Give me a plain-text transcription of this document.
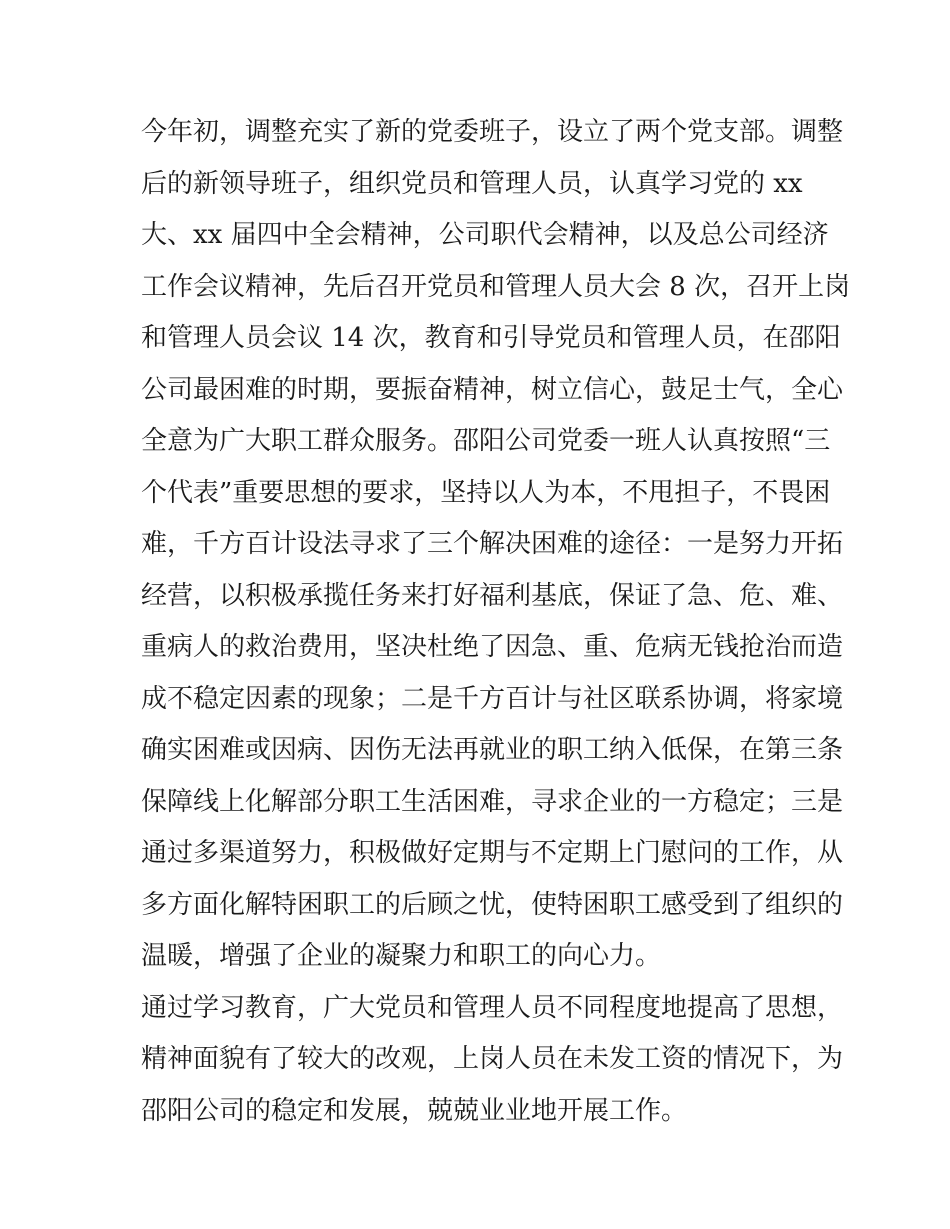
今年初，调整充实了新的党委班子，设立了两个党支部。调整
后的新领导班子，组织党员和管理人员，认真学习党的 xx
大、xx 届四中全会精神，公司职代会精神，以及总公司经济
工作会议精神，先后召开党员和管理人员大会 8 次，召开上岗
和管理人员会议 14 次，教育和引导党员和管理人员，在邵阳
公司最困难的时期，要振奋精神，树立信心，鼓足士气，全心
全意为广大职工群众服务。邵阳公司党委一班人认真按照“三
个代表”重要思想的要求，坚持以人为本，不甩担子，不畏困
难，千方百计设法寻求了三个解决困难的途径：一是努力开拓
经营，以积极承揽任务来打好福利基底，保证了急、危、难、
重病人的救治费用，坚决杜绝了因急、重、危病无钱抢治而造
成不稳定因素的现象；二是千方百计与社区联系协调，将家境
确实困难或因病、因伤无法再就业的职工纳入低保，在第三条
保障线上化解部分职工生活困难，寻求企业的一方稳定；三是
通过多渠道努力，积极做好定期与不定期上门慰问的工作，从
多方面化解特困职工的后顾之忧，使特困职工感受到了组织的
温暖，增强了企业的凝聚力和职工的向心力。
通过学习教育，广大党员和管理人员不同程度地提高了思想，
精神面貌有了较大的改观，上岗人员在未发工资的情况下，为
邵阳公司的稳定和发展，兢兢业业地开展工作。
